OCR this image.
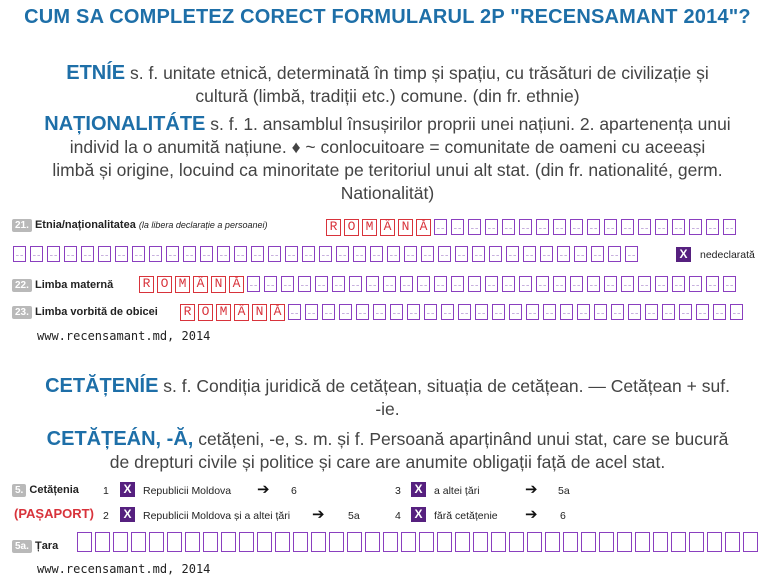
CUM SA COMPLETEZ CORECT FORMULARUL 2P "RECENSAMANT 2014"?
ETNÍE s. f. unitate etnică, determinată în timp și spațiu, cu trăsături de civilizație și
cultură (limbă, tradiții etc.) comune. (din fr. ethnie)
NAȚIONALITÁTE s. f. 1. ansamblul însușirilor proprii unei națiuni. 2. apartenența unui
individ la o anumită națiune. ♦ ~ conlocuitoare = comunitate de oameni cu aceeași
limbă și origine, locuind ca minoritate pe teritoriul unui alt stat. (din fr. nationalité, germ.
Nationalität)
21. Etnia/naționalitatea (la libera declarație a persoanei)	R O M Â N Ă
X	nedeclarată
22. Limba maternă R O M Â N Ă
23. Limba vorbită de obicei R O M Â N Ă
www.recensamant.md, 2014
CETĂȚENÍE s. f. Condiția juridică de cetățean, situația de cetățean. — Cetățean + suf.
-ie.
CETĂȚEÁN, -Ă, cetățeni, -e, s. m. și f. Persoană aparținând unui stat, care se bucură
de drepturi civile și politice și care are anumite obligații față de acel stat.
5. Cetățenia
(PAȘAPORT)
1 X	Republicii Moldova ➔ 6	3 X	a altei țări	➔ 5a
2 X	Republicii Moldova și a altei țări ➔ 5a	4 X	fără cetățenie ➔ 6
5a. Țara
www.recensamant.md, 2014
